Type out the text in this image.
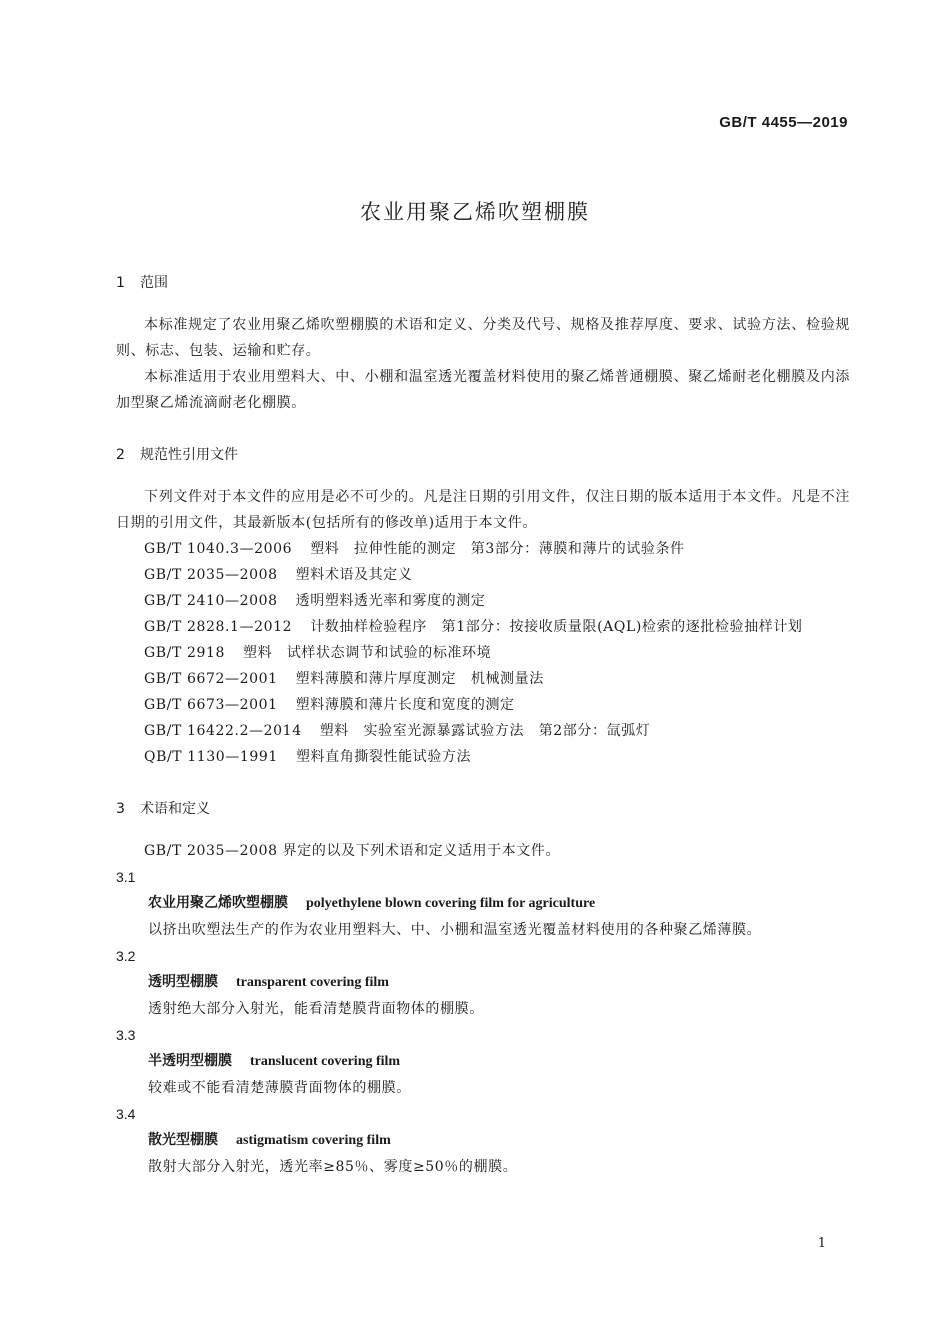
GB/T 4455—2019
农业用聚乙烯吹塑棚膜
1 范围

本标准规定了农业用聚乙烯吹塑棚膜的术语和定义、分类及代号、规格及推荐厚度、要求、试验方法、检验规则、标志、包装、运输和贮存。

本标准适用于农业用塑料大、中、小棚和温室透光覆盖材料使用的聚乙烯普通棚膜、聚乙烯耐老化棚膜及内添加型聚乙烯流滴耐老化棚膜。

2 规范性引用文件

下列文件对于本文件的应用是必不可少的。凡是注日期的引用文件，仅注日期的版本适用于本文件。凡是不注日期的引用文件，其最新版本(包括所有的修改单)适用于本文件。

GB/T 1040.3—2006 塑料　拉伸性能的测定　第3部分：薄膜和薄片的试验条件
GB/T 2035—2008 塑料术语及其定义
GB/T 2410—2008 透明塑料透光率和雾度的测定
GB/T 2828.1—2012 计数抽样检验程序　第1部分：按接收质量限(AQL)检索的逐批检验抽样计划
GB/T 2918 塑料　试样状态调节和试验的标准环境
GB/T 6672—2001 塑料薄膜和薄片厚度测定　机械测量法
GB/T 6673—2001 塑料薄膜和薄片长度和宽度的测定
GB/T 16422.2—2014 塑料　实验室光源暴露试验方法　第2部分：氙弧灯
QB/T 1130—1991 塑料直角撕裂性能试验方法
3 术语和定义

GB/T 2035—2008 界定的以及下列术语和定义适用于本文件。

3.1
农业用聚乙烯吹塑棚膜 polyethylene blown covering film for agriculture
以挤出吹塑法生产的作为农业用塑料大、中、小棚和温室透光覆盖材料使用的各种聚乙烯薄膜。
3.2
透明型棚膜 transparent covering film
透射绝大部分入射光，能看清楚膜背面物体的棚膜。
3.3
半透明型棚膜 translucent covering film
较难或不能看清楚薄膜背面物体的棚膜。
3.4
散光型棚膜 astigmatism covering film
散射大部分入射光，透光率≥85％、雾度≥50％的棚膜。
1
